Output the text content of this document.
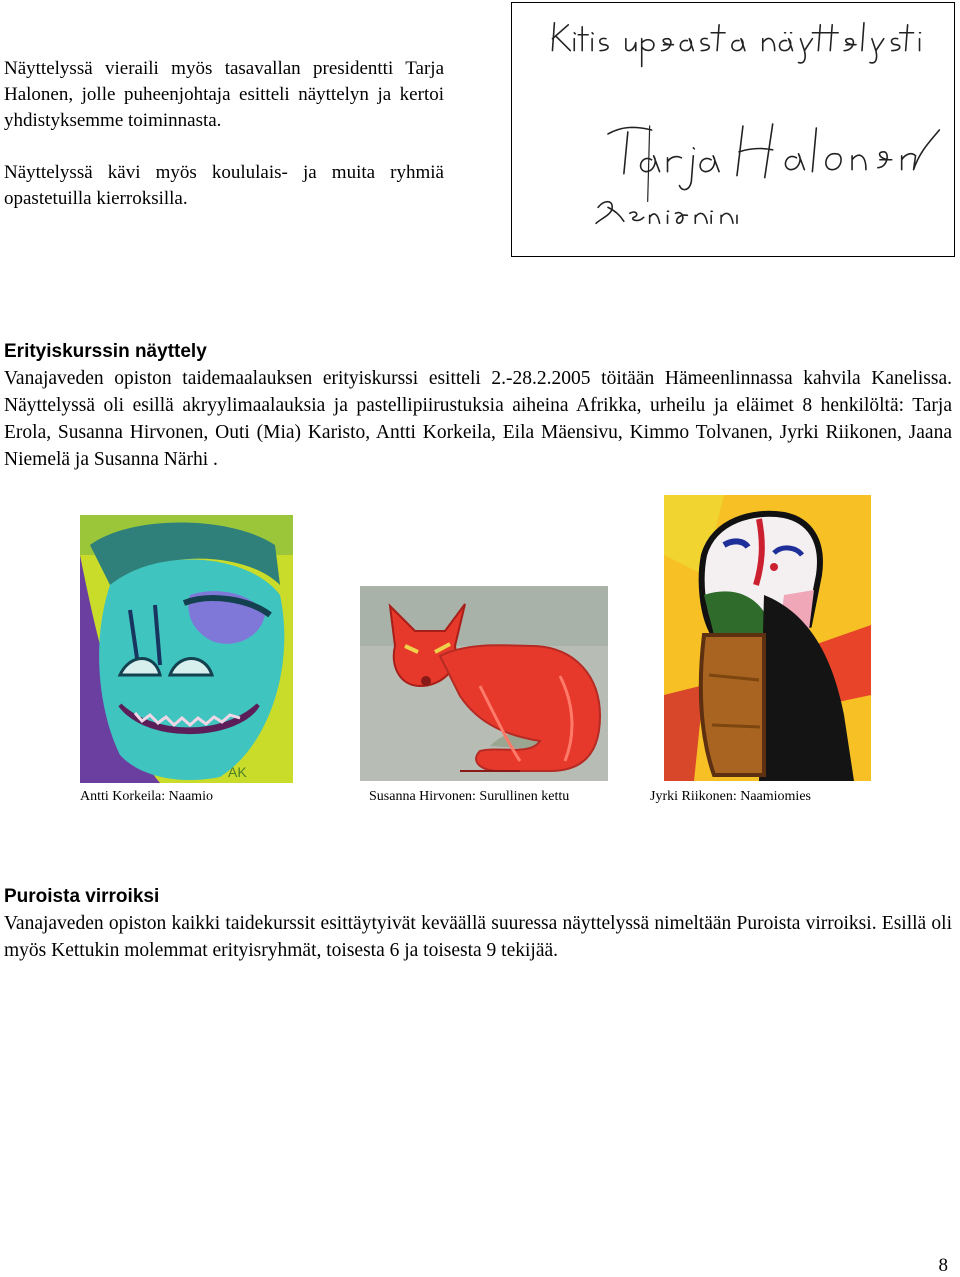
Näyttelyssä vieraili myös tasavallan presidentti Tarja Halonen, jolle puheenjohtaja esitteli näyttelyn ja kertoi yhdistyksemme toiminnasta.

Näyttelyssä kävi myös koululais- ja muita ryhmiä opastetuilla kierroksilla.

Erityiskurssin näyttely

Vanajaveden opiston taidemaalauksen erityiskurssi esitteli 2.-28.2.2005 töitään Hämeenlinnassa kahvila Kanelissa. Näyttelyssä oli esillä akryylimaalauksia ja pastellipiirustuksia aiheina Afrikka, urheilu ja eläimet 8 henkilöltä: Tarja Erola, Susanna Hirvonen, Outi (Mia) Karisto, Antti Korkeila, Eila Mäensivu, Kimmo Tolvanen, Jyrki Riikonen, Jaana Niemelä ja Susanna Närhi .

AK
Antti Korkeila: Naamio	Susanna Hirvonen: Surullinen kettu	Jyrki Riikonen: Naamiomies
Puroista virroiksi

Vanajaveden opiston kaikki taidekurssit esittäytyivät keväällä suuressa näyttelyssä nimeltään Puroista virroiksi. Esillä oli myös Kettukin molemmat erityisryhmät, toisesta 6 ja toisesta 9 tekijää.

8
